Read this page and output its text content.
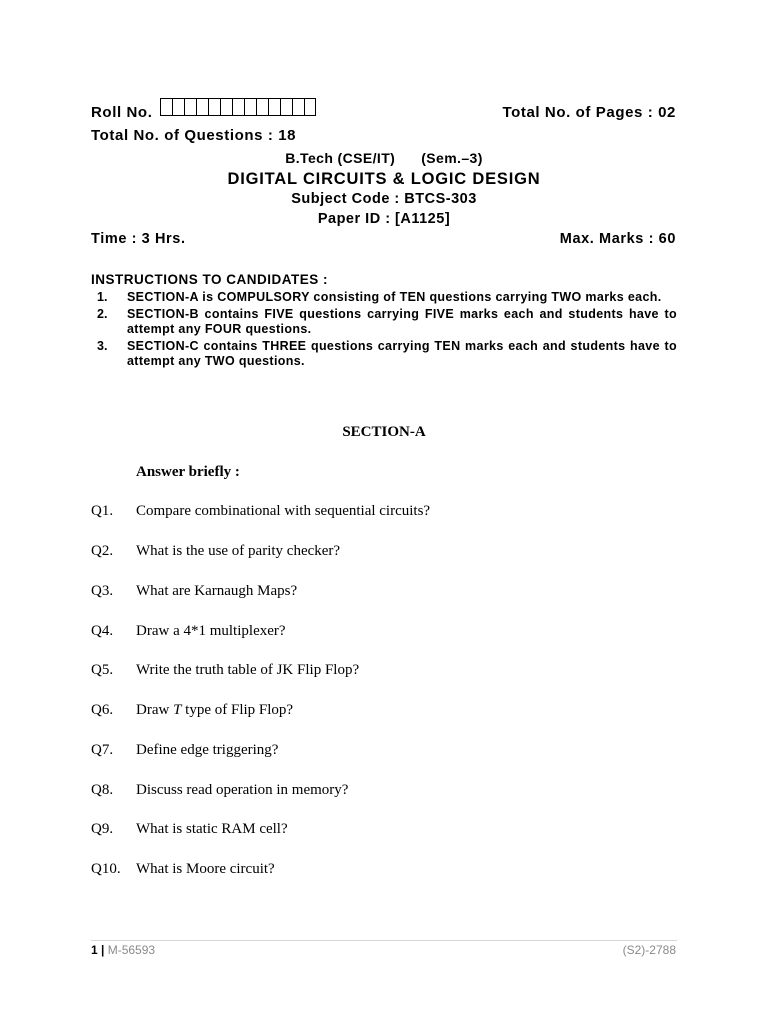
Roll No.	Total No. of Pages : 02
Total No. of Questions : 18
B.Tech (CSE/IT) (Sem.–3)
DIGITAL CIRCUITS & LOGIC DESIGN
Subject Code : BTCS-303
Paper ID : [A1125]
Time : 3 Hrs.	Max. Marks : 60
INSTRUCTIONS TO CANDIDATES :
1.	SECTION-A is COMPULSORY consisting of TEN questions carrying TWO marks each.
2.	SECTION-B contains FIVE questions carrying FIVE marks each and students have to attempt any FOUR questions.
3.	SECTION-C contains THREE questions carrying TEN marks each and students have to attempt any TWO questions.
SECTION-A
Answer briefly :
Q1.	Compare combinational with sequential circuits?
Q2.	What is the use of parity checker?
Q3.	What are Karnaugh Maps?
Q4.	Draw a 4*1 multiplexer?
Q5.	Write the truth table of JK Flip Flop?
Q6.	Draw T type of Flip Flop?
Q7.	Define edge triggering?
Q8.	Discuss read operation in memory?
Q9.	What is static RAM cell?
Q10.	What is Moore circuit?
1 | M-56593	(S2)-2788
